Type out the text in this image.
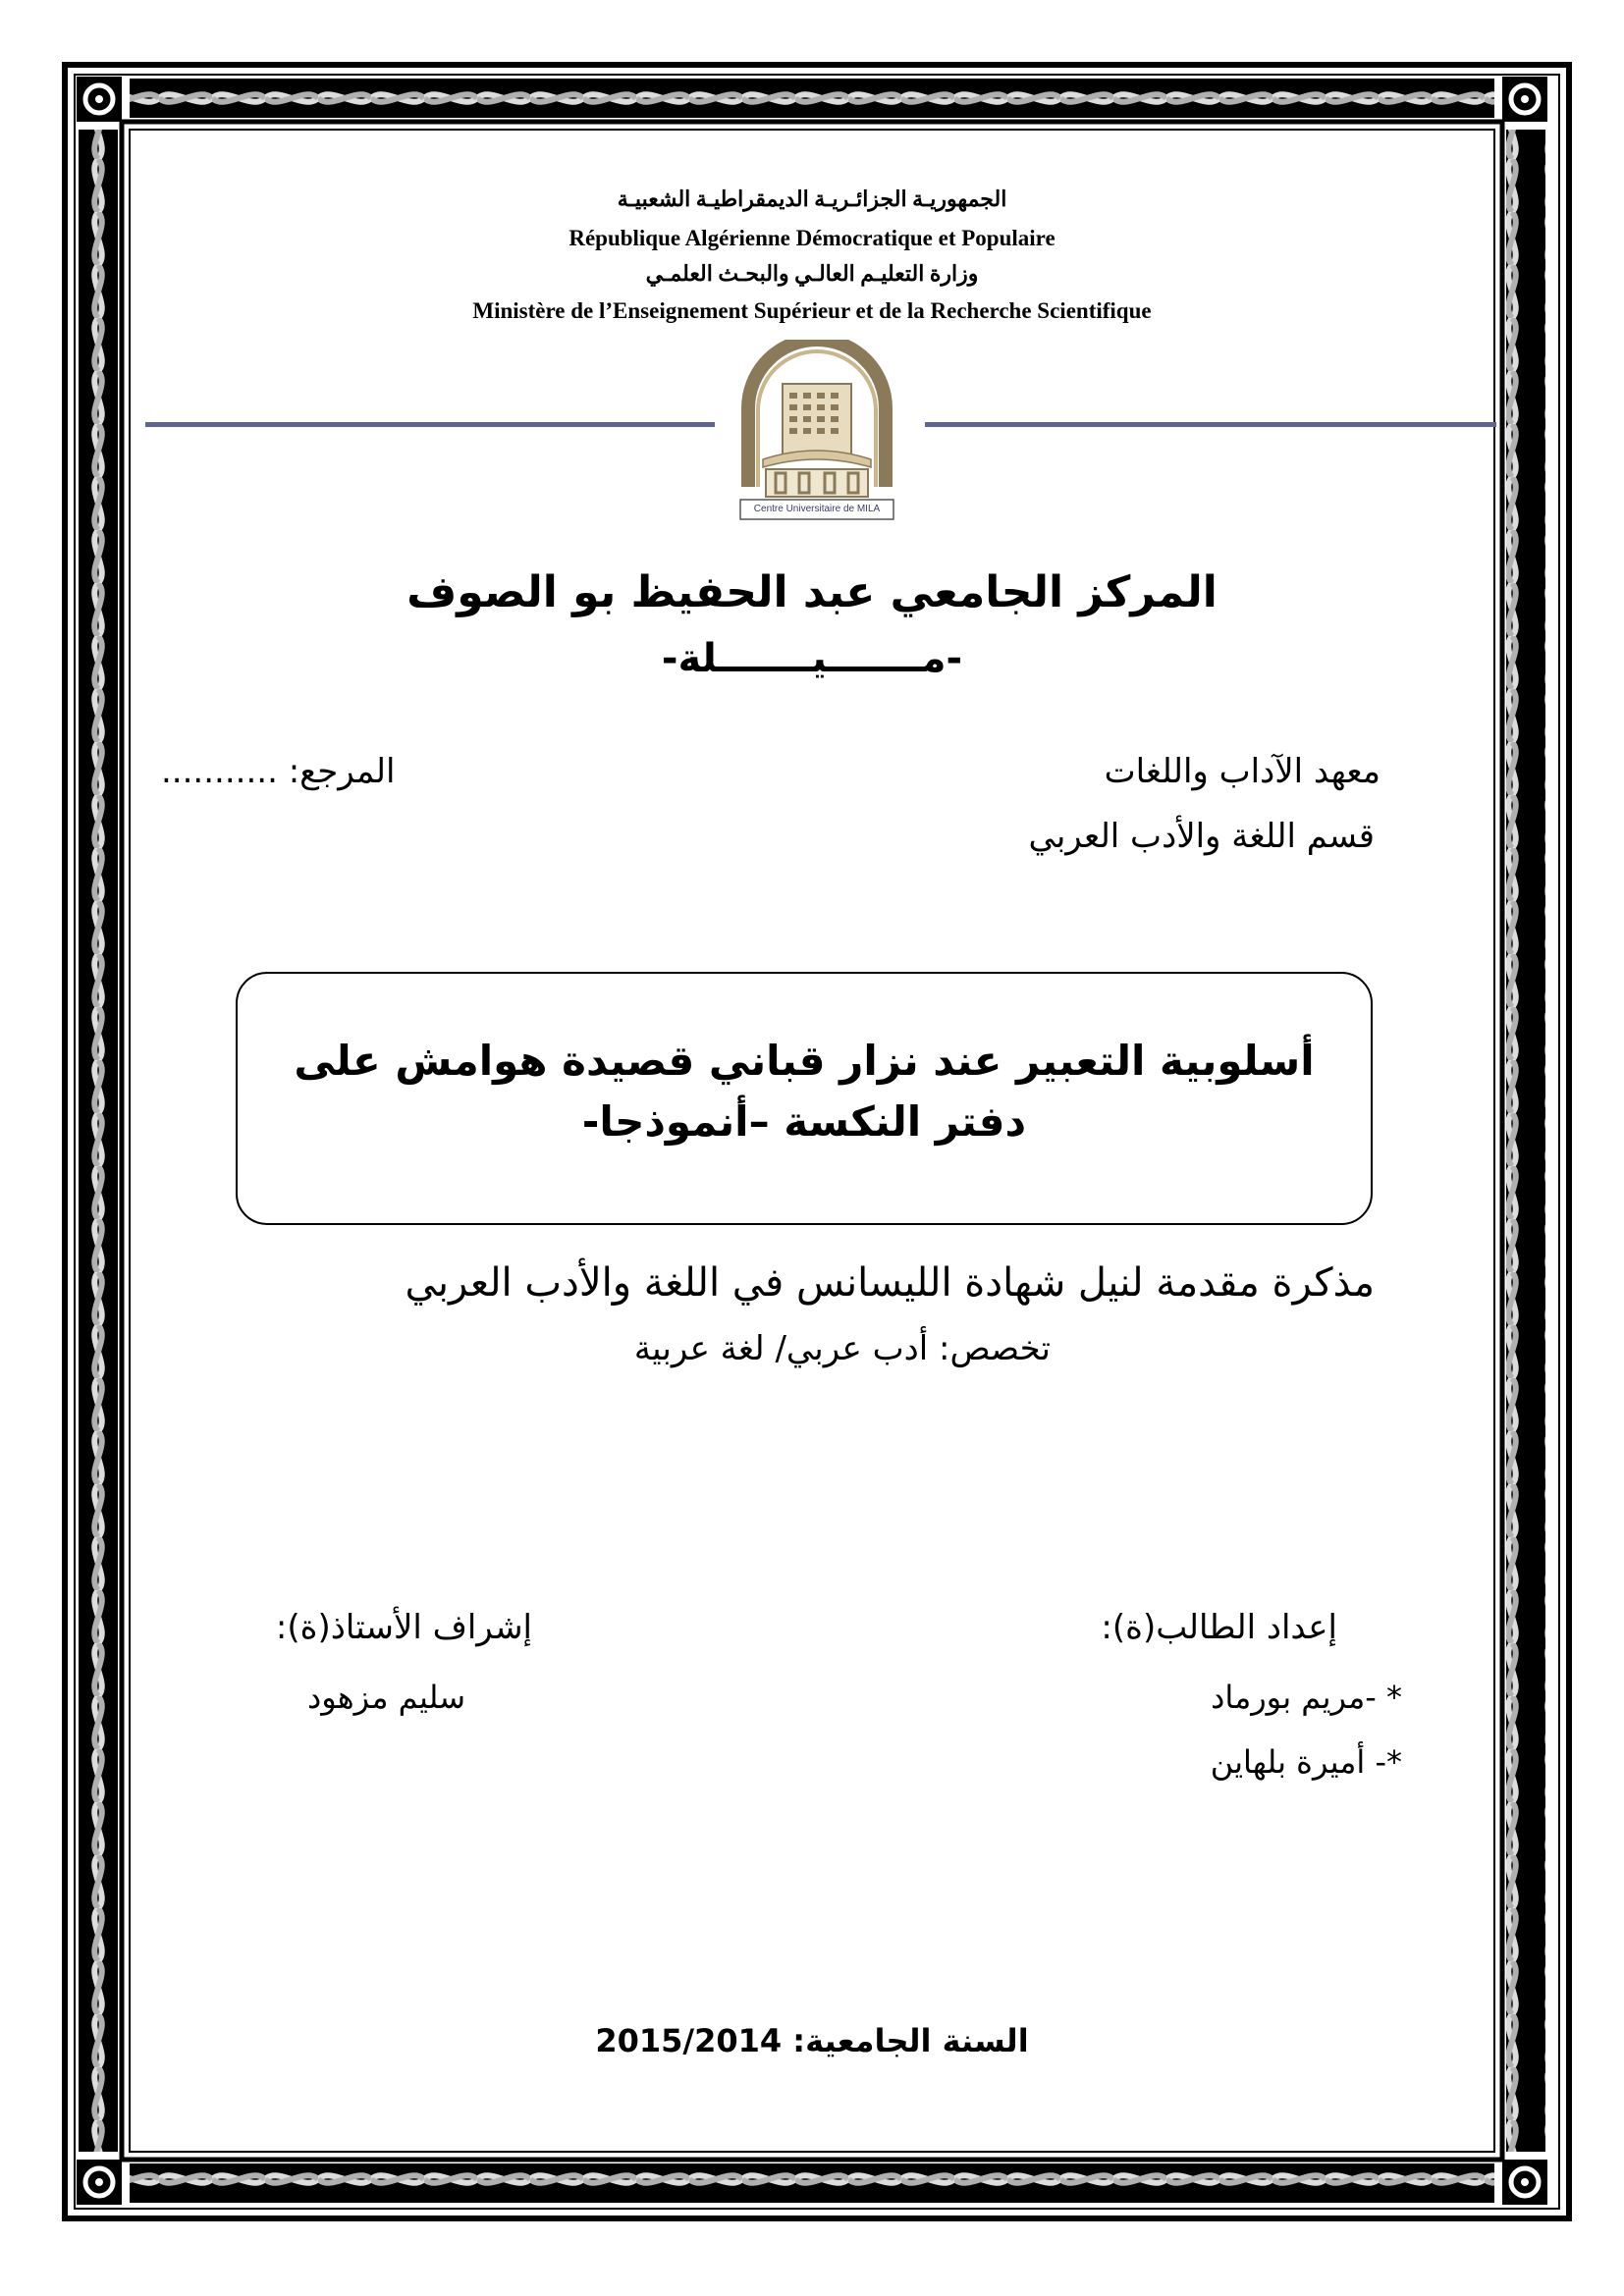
الجمهوريـة الجزائـريـة الديمقراطيـة الشعبيـة
République Algérienne Démocratique et Populaire
وزارة التعليـم العالـي والبحـث العلمـي
Ministère de l’Enseignement Supérieur et de la Recherche Scientifique
Centre Universitaire de MILA
المركز الجامعي عبد الحفيظ بو الصوف
-مـــــــيـــــــلة-
معهد الآداب واللغات
المرجع: ...........
قسم اللغة والأدب العربي
أسلوبية التعبير عند نزار قباني قصيدة هوامش على
دفتر النكسة –أنموذجا-
مذكرة مقدمة لنيل شهادة الليسانس في اللغة والأدب العربي
تخصص: أدب عربي/ لغة عربية
إعداد الطالب(ة):
إشراف الأستاذ(ة):
* -مريم بورماد
سليم مزهود
*- أميرة بلهاين
السنة الجامعية: 2015/2014
